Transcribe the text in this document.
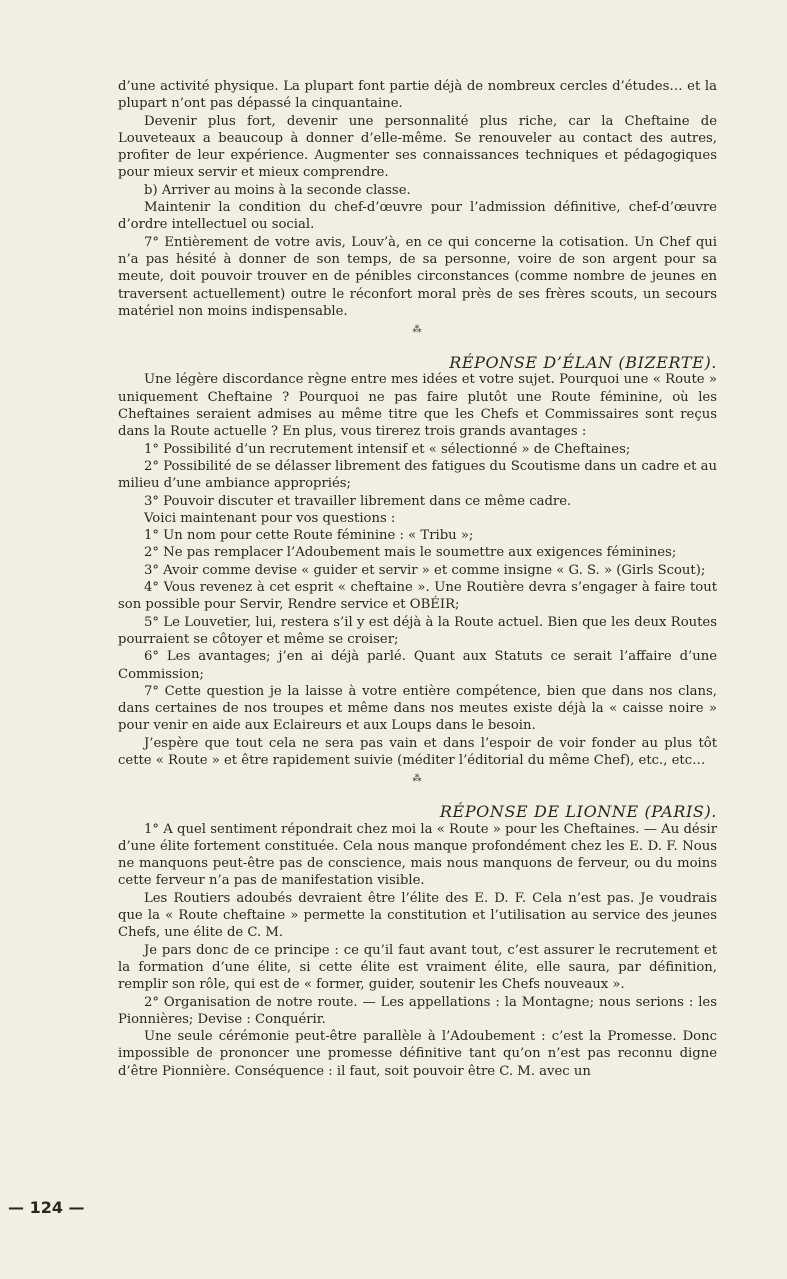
d’une activité physique. La plupart font partie déjà de nombreux cercles d’études… et la plupart n’ont pas dépassé la cinquantaine.

Devenir plus fort, devenir une personnalité plus riche, car la Cheftaine de Louveteaux a beaucoup à donner d’elle-même. Se renouveler au contact des autres, profiter de leur expérience. Augmenter ses connaissances techniques et pédagogiques pour mieux servir et mieux comprendre.

b) Arriver au moins à la seconde classe.

Maintenir la condition du chef-d’œuvre pour l’admission définitive, chef-d’œuvre d’ordre intellectuel ou social.

7° Entièrement de votre avis, Louv’à, en ce qui concerne la cotisation. Un Chef qui n’a pas hésité à donner de son temps, de sa personne, voire de son argent pour sa meute, doit pouvoir trouver en de pénibles circonstances (comme nombre de jeunes en traversent actuellement) outre le réconfort moral près de ses frères scouts, un secours matériel non moins indispensable.

⁂

RÉPONSE D’ÉLAN (BIZERTE).

Une légère discordance règne entre mes idées et votre sujet. Pourquoi une « Route » uniquement Cheftaine ? Pourquoi ne pas faire plutôt une Route féminine, où les Cheftaines seraient admises au même titre que les Chefs et Commissaires sont reçus dans la Route actuelle ? En plus, vous tirerez trois grands avantages :

1° Possibilité d’un recrutement intensif et « sélectionné » de Cheftaines;

2° Possibilité de se délasser librement des fatigues du Scoutisme dans un cadre et au milieu d’une ambiance appropriés;

3° Pouvoir discuter et travailler librement dans ce même cadre.

Voici maintenant pour vos questions :

1° Un nom pour cette Route féminine : « Tribu »;

2° Ne pas remplacer l’Adoubement mais le soumettre aux exigences féminines;

3° Avoir comme devise « guider et servir » et comme insigne « G. S. » (Girls Scout);

4° Vous revenez à cet esprit « cheftaine ». Une Routière devra s’engager à faire tout son possible pour Servir, Rendre service et OBÉIR;

5° Le Louvetier, lui, restera s’il y est déjà à la Route actuel. Bien que les deux Routes pourraient se côtoyer et même se croiser;

6° Les avantages; j’en ai déjà parlé. Quant aux Statuts ce serait l’affaire d’une Commission;

7° Cette question je la laisse à votre entière compétence, bien que dans nos clans, dans certaines de nos troupes et même dans nos meutes existe déjà la « caisse noire » pour venir en aide aux Eclaireurs et aux Loups dans le besoin.

J’espère que tout cela ne sera pas vain et dans l’espoir de voir fonder au plus tôt cette « Route » et être rapidement suivie (méditer l’éditorial du même Chef), etc., etc…

⁂

RÉPONSE DE LIONNE (PARIS).

1° A quel sentiment répondrait chez moi la « Route » pour les Cheftaines. — Au désir d’une élite fortement constituée. Cela nous manque profondément chez les E. D. F. Nous ne manquons peut-être pas de conscience, mais nous manquons de ferveur, ou du moins cette ferveur n’a pas de manifestation visible.

Les Routiers adoubés devraient être l’élite des E. D. F. Cela n’est pas. Je voudrais que la « Route cheftaine » permette la constitution et l’utilisation au service des jeunes Chefs, une élite de C. M.

Je pars donc de ce principe : ce qu’il faut avant tout, c’est assurer le recrutement et la formation d’une élite, si cette élite est vraiment élite, elle saura, par définition, remplir son rôle, qui est de « former, guider, soutenir les Chefs nouveaux ».

2° Organisation de notre route. — Les appellations : la Montagne; nous serions : les Pionnières; Devise : Conquérir.

Une seule cérémonie peut-être parallèle à l’Adoubement : c’est la Promesse. Donc impossible de prononcer une promesse définitive tant qu’on n’est pas reconnu digne d’être Pionnière. Conséquence : il faut, soit pouvoir être C. M. avec un

— 124 —
